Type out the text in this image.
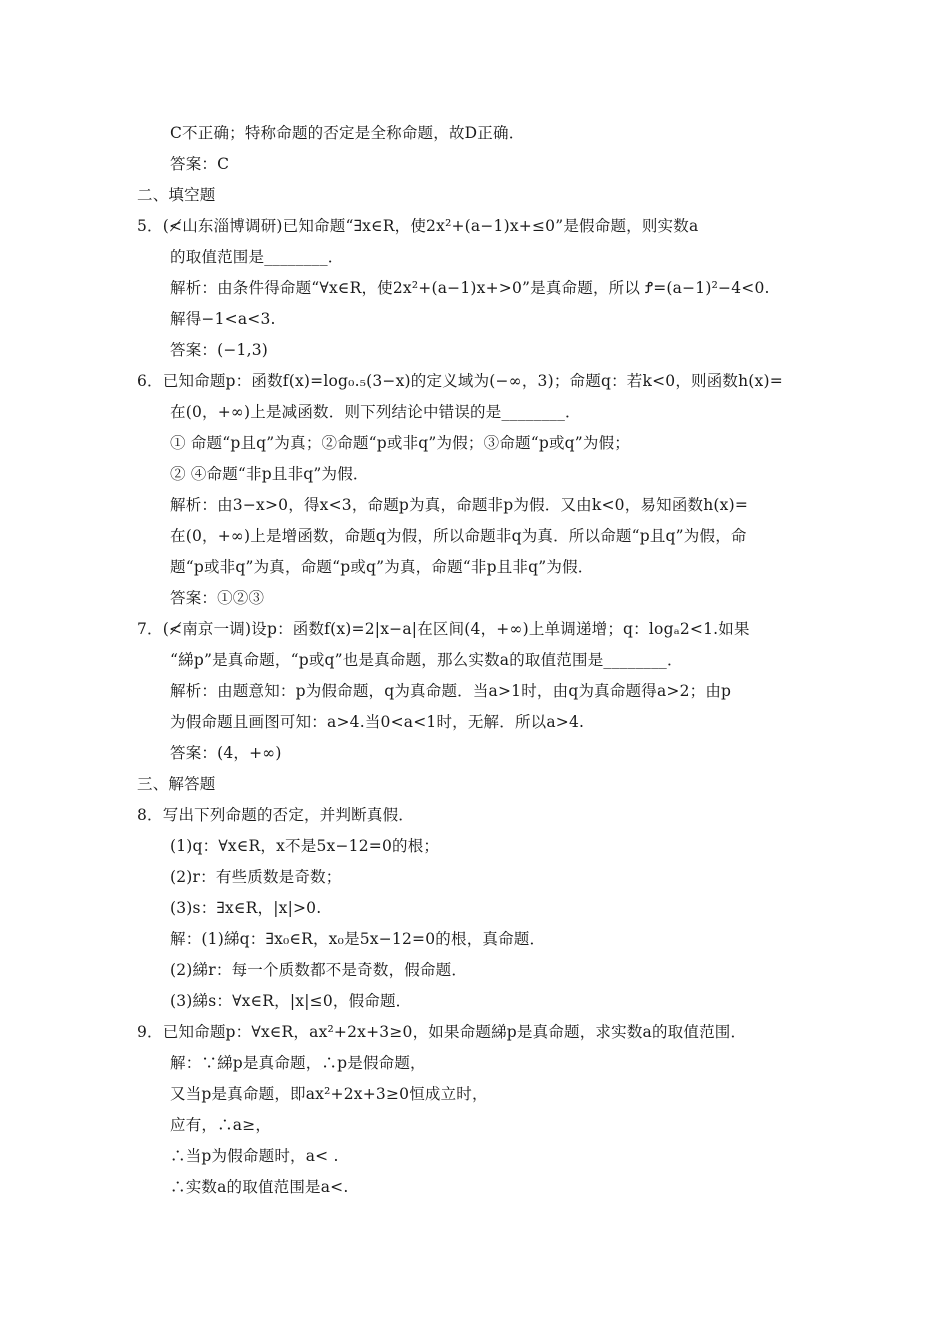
C不正确；特称命题的否定是全称命题，故D正确．
答案：C
二、填空题
5．(≮山东淄博调研)已知命题“∃x∈R，使2x²+(a−1)x+≤0”是假命题，则实数a
的取值范围是________．
解析：由条件得命题“∀x∈R，使2x²+(a−1)x+>0”是真命题，所以 Ꝭ=(a−1)²−4<0.
解得−1<a<3.
答案：(−1,3)
6．已知命题p：函数f(x)=log₀.₅(3−x)的定义域为(−∞，3)；命题q：若k<0，则函数h(x)=
在(0，+∞)上是减函数．则下列结论中错误的是________．
① 命题“p且q”为真；②命题“p或非q”为假；③命题“p或q”为假；
② ④命题“非p且非q”为假．
解析：由3−x>0，得x<3，命题p为真，命题非p为假．又由k<0，易知函数h(x)=
在(0，+∞)上是增函数，命题q为假，所以命题非q为真．所以命题“p且q”为假，命
题“p或非q”为真，命题“p或q”为真，命题“非p且非q”为假．
答案：①②③
7．(≮南京一调)设p：函数f(x)=2|x−a|在区间(4，+∞)上单调递增；q：logₐ2<1.如果
“綈p”是真命题，“p或q”也是真命题，那么实数a的取值范围是________．
解析：由题意知：p为假命题，q为真命题．当a>1时，由q为真命题得a>2；由p
为假命题且画图可知：a>4.当0<a<1时，无解．所以a>4.
答案：(4，+∞)
三、解答题
8．写出下列命题的否定，并判断真假．
(1)q：∀x∈R，x不是5x−12=0的根；
(2)r：有些质数是奇数；
(3)s：∃x∈R，|x|>0.
解：(1)綈q：∃x₀∈R，x₀是5x−12=0的根，真命题．
(2)綈r：每一个质数都不是奇数，假命题．
(3)綈s：∀x∈R，|x|≤0，假命题．
9．已知命题p：∀x∈R，ax²+2x+3≥0，如果命题綈p是真命题，求实数a的取值范围．
解：∵綈p是真命题，∴p是假命题，
又当p是真命题，即ax²+2x+3≥0恒成立时，
应有，∴a≥，
∴当p为假命题时，a< .
∴实数a的取值范围是a<.
